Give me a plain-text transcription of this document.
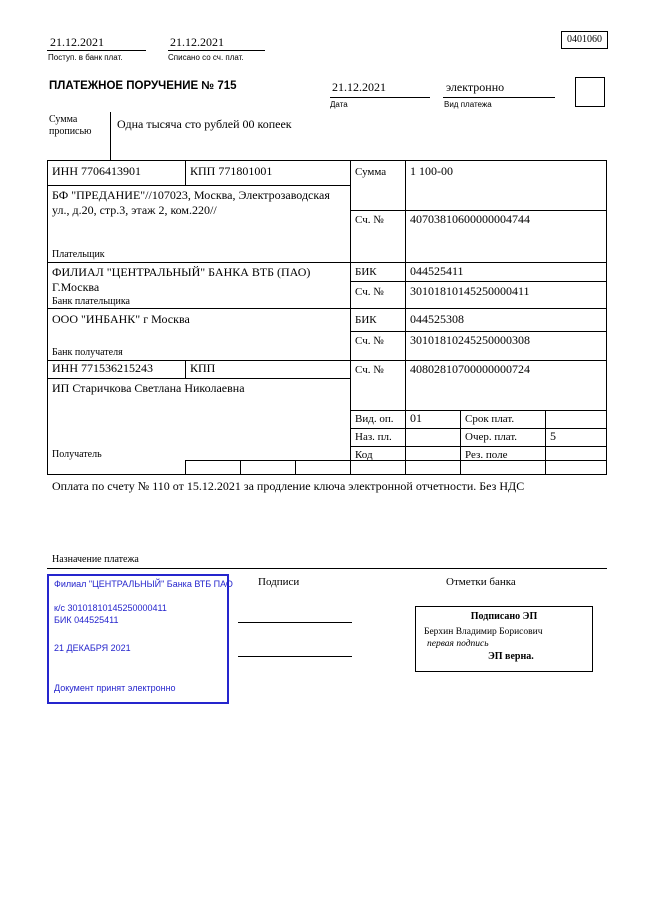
21.12.2021	21.12.2021
Поступ. в банк плат.	Списано со сч. плат.
0401060
ПЛАТЕЖНОЕ ПОРУЧЕНИЕ № 715	21.12.2021
Дата
электронно
Вид платежа
Сумма прописью
Одна тысяча сто рублей 00 копеек
ИНН 7706413901	КПП 771801001	Сумма 1 100-00
БФ "ПРЕДАНИЕ"//107023, Москва, Электрозаводская ул., д.20, стр.3, этаж 2, ком.220//
Сч. № 40703810600000004744
Плательщик
ФИЛИАЛ "ЦЕНТРАЛЬНЫЙ" БАНКА ВТБ (ПАО) Г.Москва
БИК	044525411
Сч. № 30101810145250000411
Банк плательщика
ООО "ИНБАНК" г Москва	БИК	044525308
Сч. № 30101810245250000308
Банк получателя
ИНН 771536215243	КПП	Сч. № 40802810700000000724
ИП Старичкова Светлана Николаевна
Получатель
Вид. оп. 01	Срок плат.
Наз. пл.	Очер. плат.	5
Код	Рез. поле
Оплата по счету № 110 от 15.12.2021 за продление ключа электронной отчетности. Без НДС
Назначение платежа
Филиал "ЦЕНТРАЛЬНЫЙ" Банка ВТБ ПАО
к/с 30101810145250000411
БИК 044525411
21 ДЕКАБРЯ 2021
Документ принят электронно
Подписи	Отметки банка
Подписано ЭП
Берхин Владимир Борисович
первая подпись
ЭП верна.
